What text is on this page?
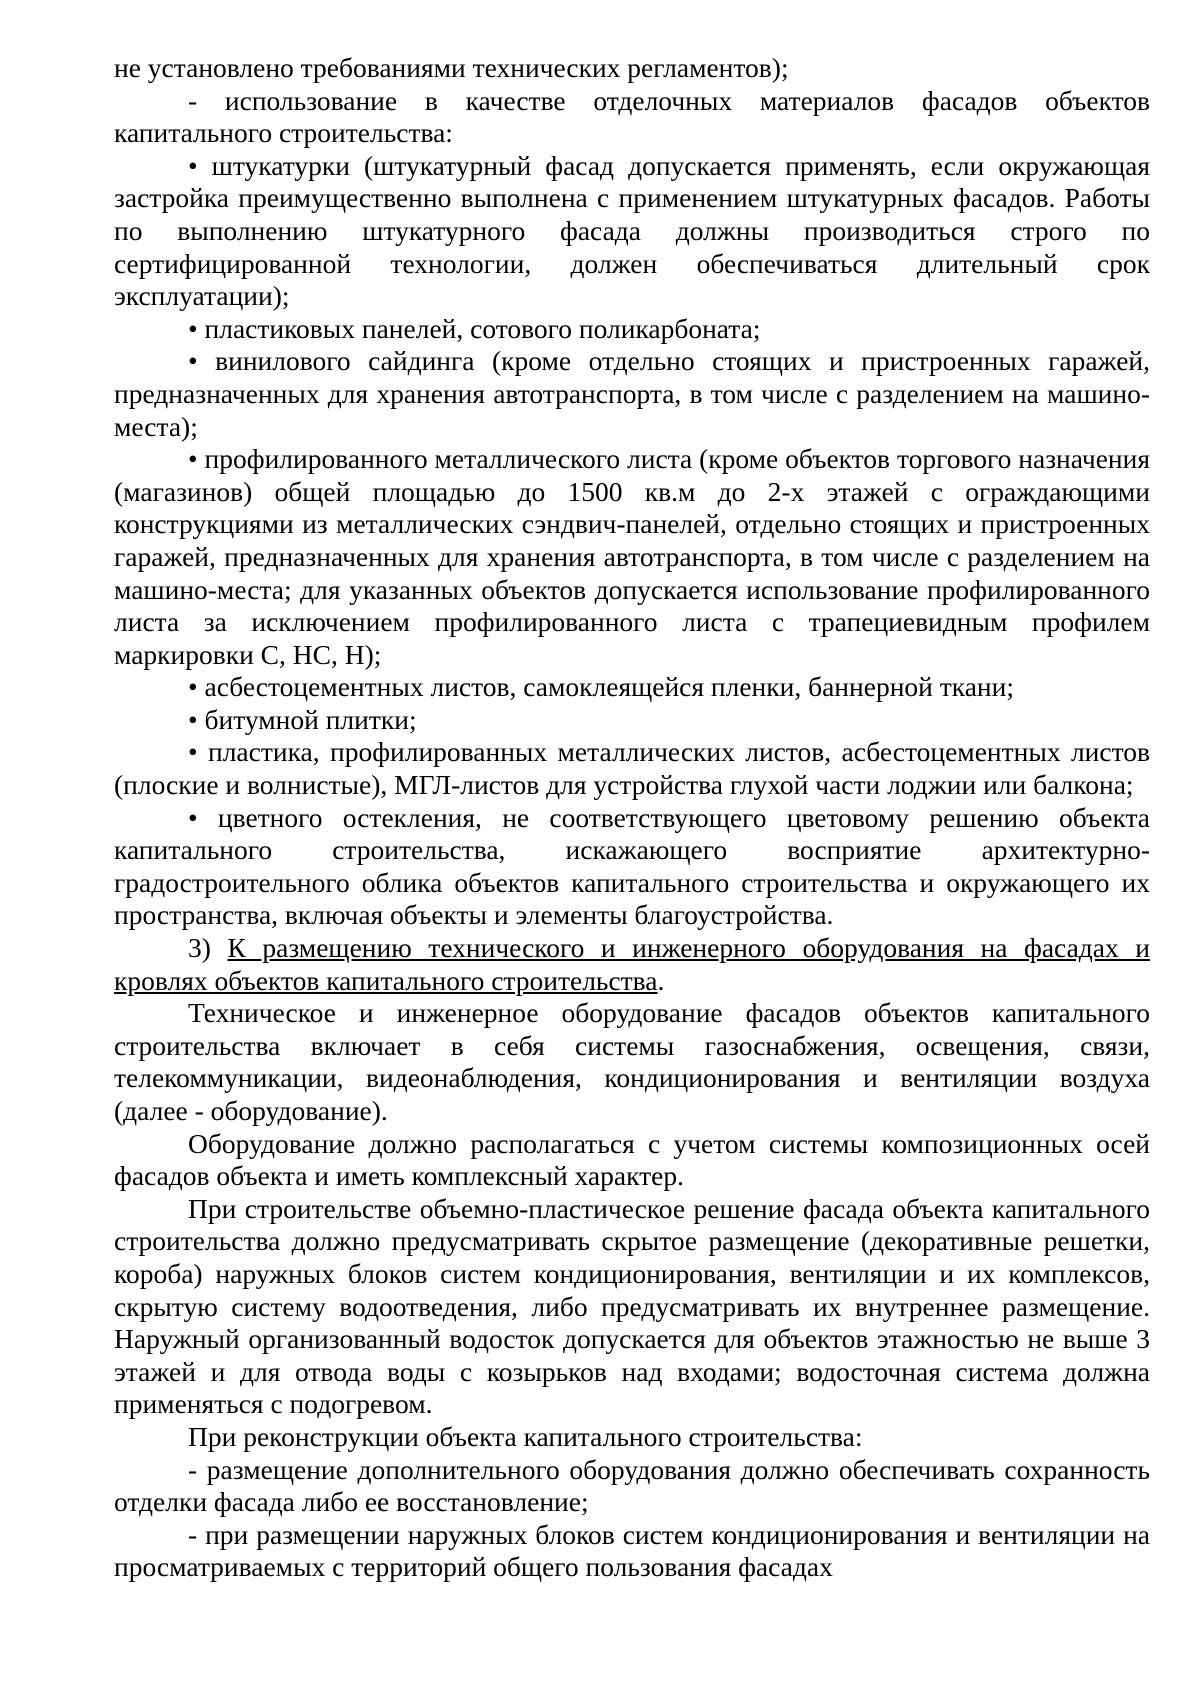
не установлено требованиями технических регламентов);

- использование в качестве отделочных материалов фасадов объектов капитального строительства:

• штукатурки (штукатурный фасад допускается применять, если окружающая застройка преимущественно выполнена с применением штукатурных фасадов. Работы по выполнению штукатурного фасада должны производиться строго по сертифицированной технологии, должен обеспечиваться длительный срок эксплуатации);

• пластиковых панелей, сотового поликарбоната;

• винилового сайдинга (кроме отдельно стоящих и пристроенных гаражей, предназначенных для хранения автотранспорта, в том числе с разделением на машино-места);

• профилированного металлического листа (кроме объектов торгового назначения (магазинов) общей площадью до 1500 кв.м до 2-х этажей с ограждающими конструкциями из металлических сэндвич-панелей, отдельно стоящих и пристроенных гаражей, предназначенных для хранения автотранспорта, в том числе с разделением на машино-места; для указанных объектов допускается использование профилированного листа за исключением профилированного листа с трапециевидным профилем маркировки С, НС, Н);

• асбестоцементных листов, самоклеящейся пленки, баннерной ткани;

• битумной плитки;

• пластика, профилированных металлических листов, асбестоцементных листов (плоские и волнистые), МГЛ-листов для устройства глухой части лоджии или балкона;

• цветного остекления, не соответствующего цветовому решению объекта капитального строительства, искажающего восприятие архитектурно-градостроительного облика объектов капитального строительства и окружающего их пространства, включая объекты и элементы благоустройства.

3) К размещению технического и инженерного оборудования на фасадах и кровлях объектов капитального строительства.

Техническое и инженерное оборудование фасадов объектов капитального строительства включает в себя системы газоснабжения, освещения, связи, телекоммуникации, видеонаблюдения, кондиционирования и вентиляции воздуха (далее - оборудование).

Оборудование должно располагаться с учетом системы композиционных осей фасадов объекта и иметь комплексный характер.

При строительстве объемно-пластическое решение фасада объекта капитального строительства должно предусматривать скрытое размещение (декоративные решетки, короба) наружных блоков систем кондиционирования, вентиляции и их комплексов, скрытую систему водоотведения, либо предусматривать их внутреннее размещение. Наружный организованный водосток допускается для объектов этажностью не выше 3 этажей и для отвода воды с козырьков над входами; водосточная система должна применяться с подогревом.

При реконструкции объекта капитального строительства:

- размещение дополнительного оборудования должно обеспечивать сохранность отделки фасада либо ее восстановление;

- при размещении наружных блоков систем кондиционирования и вентиляции на просматриваемых с территорий общего пользования фасадах
